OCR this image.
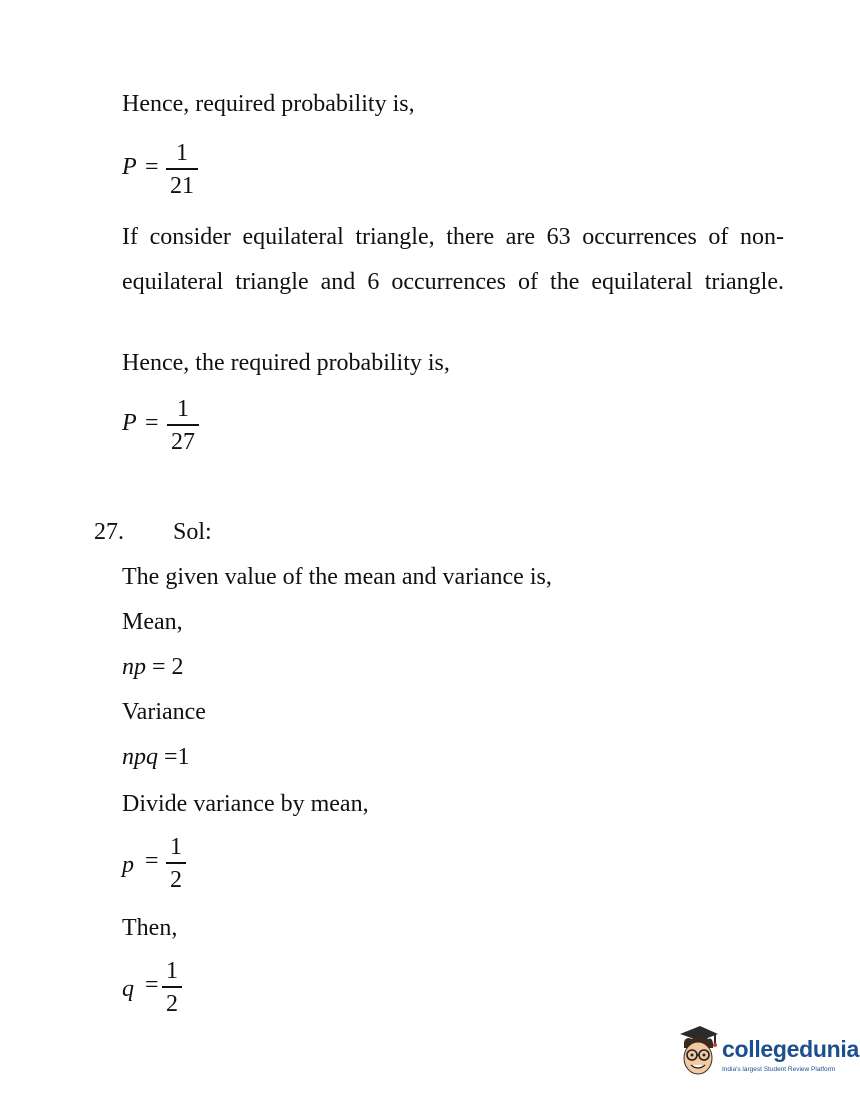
Hence, required probability is,
P =
1
21
If consider equilateral triangle, there are 63 occurrences of non-equilateral triangle and 6 occurrences of the equilateral triangle.
Hence, the required probability is,
P =
1
27
27. Sol:
The given value of the mean and variance is,
Mean,
np = 2
Variance
npq =1
Divide variance by mean,
p =
1
2
Then,
q =
1
2
collegedunia
India's largest Student Review Platform
